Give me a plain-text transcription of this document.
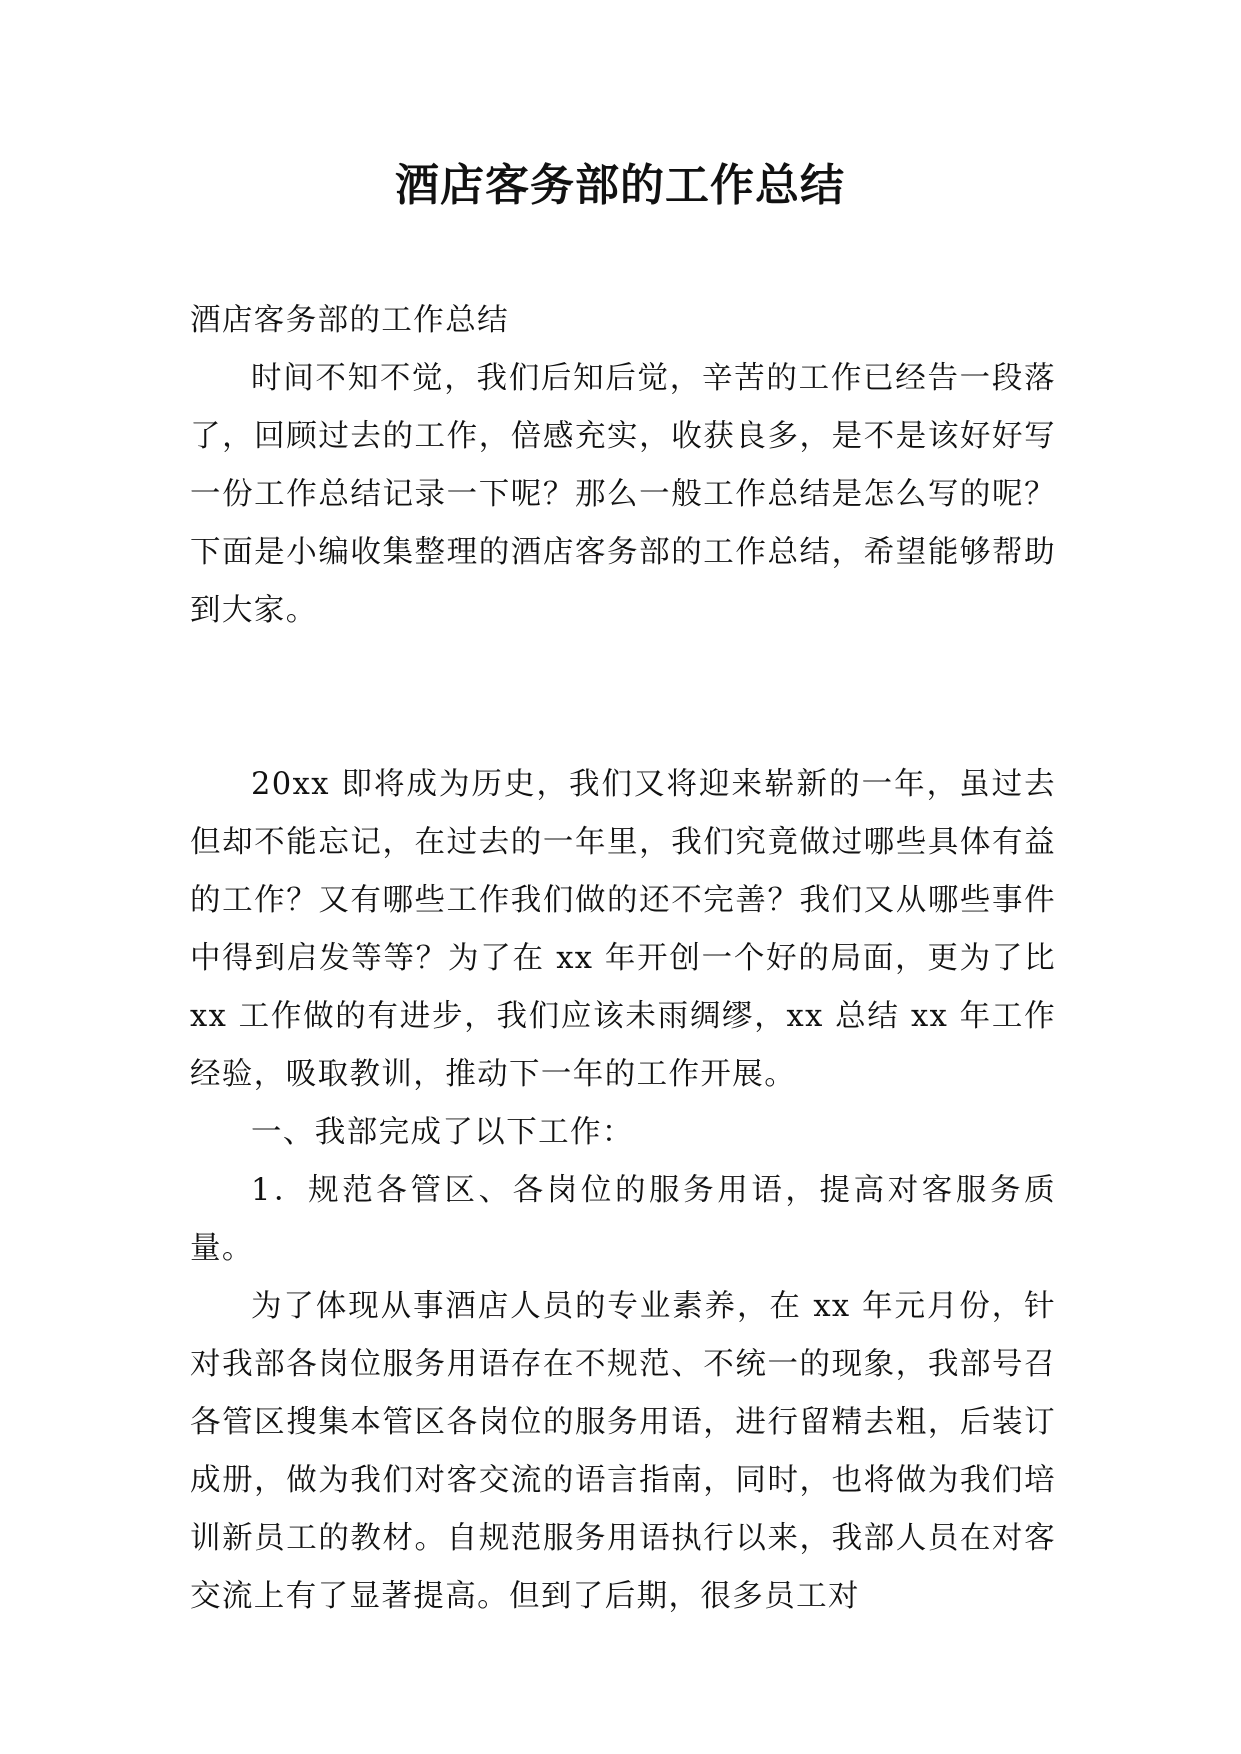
酒店客务部的工作总结

酒店客务部的工作总结

时间不知不觉，我们后知后觉，辛苦的工作已经告一段落了，回顾过去的工作，倍感充实，收获良多，是不是该好好写一份工作总结记录一下呢？那么一般工作总结是怎么写的呢？下面是小编收集整理的酒店客务部的工作总结，希望能够帮助到大家。

20xx 即将成为历史，我们又将迎来崭新的一年，虽过去但却不能忘记，在过去的一年里，我们究竟做过哪些具体有益的工作？又有哪些工作我们做的还不完善？我们又从哪些事件中得到启发等等？为了在 xx 年开创一个好的局面，更为了比 xx 工作做的有进步，我们应该未雨绸缪，xx 总结 xx 年工作经验，吸取教训，推动下一年的工作开展。

一、我部完成了以下工作：

1．规范各管区、各岗位的服务用语，提高对客服务质量。

为了体现从事酒店人员的专业素养，在 xx 年元月份，针对我部各岗位服务用语存在不规范、不统一的现象，我部号召各管区搜集本管区各岗位的服务用语，进行留精去粗，后装订成册，做为我们对客交流的语言指南，同时，也将做为我们培训新员工的教材。自规范服务用语执行以来，我部人员在对客交流上有了显著提高。但到了后期，很多员工对
